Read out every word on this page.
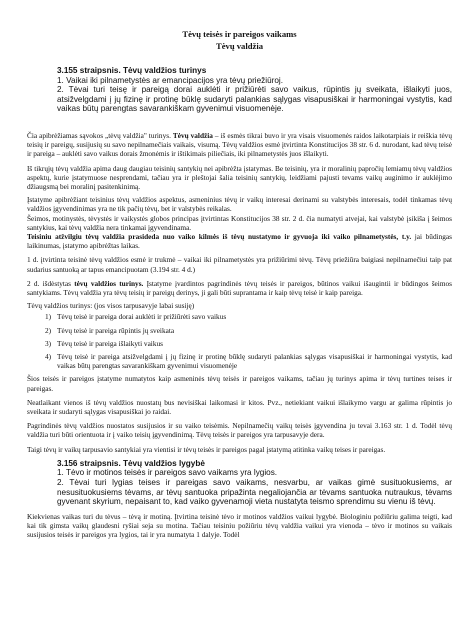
Tėvų teisės ir pareigos vaikams
Tėvų valdžia
3.155 straipsnis. Tėvų valdžios turinys
1. Vaikai iki pilnametystės ar emancipacijos yra tėvų priežiūroj.
2. Tėvai turi teisę ir pareigą dorai auklėti ir prižiūrėti savo vaikus, rūpintis jų sveikata, išlaikyti juos, atsižvelgdami į jų fizinę ir protinę būklę sudaryti palankias sąlygas visapusiškai ir harmoningai vystytis, kad vaikas būtų parengtas savarankiškam gyvenimui visuomenėje.

Čia apibrėžiamas sąvokos „tėvų valdžia" turinys. Tėvų valdžia – iš esmės tikrai buvo ir yra visais visuomenės raidos laikotarpiais ir reiškia tėvų teisių ir pareigų, susijusių su savo nepilnamečiais vaikais, visumą. Tėvų valdžios esmė įtvirtinta Konstitucijos 38 str. 6 d. nurodant, kad tėvų teisė ir pareiga – auklėti savo vaikus dorais žmonėmis ir ištikimais piliečiais, iki pilnametystės juos išlaikyti.

Iš tikrųjų tėvų valdžia apima daug daugiau teisinių santykių nei apibrėžta įstatymas. Be teisinių, yra ir moralinių papročių lemiamų tėvų valdžios aspektų, kurie įstatymuose nesprendami, tačiau yra ir pleštojai šalia teisinių santykių, leidžiami pajusti tevams vaikų auginimo ir auklėjimo džiaugsmą bei moralinį pasitenkinimą.

Įstatyme apibrėžiant teisinius tėvų valdžios aspektus, asmeninius tėvų ir vaikų interesai derinami su valstybės interesais, todėl tinkamas tėvų valdžios įgyvendinimas yra ne tik pačių tėvų, bet ir valstybės reikalas.

Šeimos, motinystės, tėvystės ir vaikystės globos principas įtvirtintas Konstitucijos 38 str. 2 d. čia numatyti atvejai, kai valstybė įsikiša į šeimos santykius, kai tėvų valdžia nera tinkamai įgyvendinama.

Teisiniu atžvilgiu tėvų valdžia prasideda nuo vaiko kilmės iš tėvų nustatymo ir gyvuoja iki vaiko pilnametystės, t.y. jai būdingas laikinumas, įstatymo apibrėžtas laikas.

1 d. įtvirtinta teisinė tėvų valdžios esmė ir trukmė – vaikai iki pilnametystės yra prižiūrimi tėvų. Tėvų priežiūra baigiasi nepilnamečiui taip pat sudarius santuoką ar tapus emancipuotam (3.194 str. 4 d.)

2 d. išdėstytas tėvų valdžios turinys. Įstatyme įvardintos pagrindinės tėvų teisės ir pareigos, būtinos vaikui išaugintii ir būdingos šeimos santykiams. Tėvų valdžia yra tėvų teisių ir pareigų derinys, ji gali būti suprantama ir kaip tėvų teisė ir kaip pareiga.

Tėvų valdžios turinys: (jos visos tarpusavyje labai susiję)

1) Tėvų teisė ir pareiga dorai auklėti ir prižiūrėti savo vaikus
2) Tėvų teisė ir pareiga rūpintis jų sveikata
3) Tėvų teisė ir pareiga išlaikyti vaikus
4) Tėvų teisė ir pareiga atsižvelgdami į jų fizinę ir protinę būklę sudaryti palankias sąlygas visapusiškai ir harmoningai vystytis, kad vaikas būtų parengtas savarankiškam gyvenimui visuomenėje

Šios teisės ir pareigos įstatyme numatytos kaip asmeninės tėvų teisės ir pareigos vaikams, tačiau jų turinys apima ir tėvų turtines teises ir pareigas.

Neatlaikant vienos iš tėvų valdžios nuostatų bus nevisiškai laikomasi ir kitos. Pvz., netiekiant vaikui išlaikymo vargu ar galima rūpintis jo sveikata ir sudaryti sąlygas visapusiškai jo raidai.

Pagrindinės tėvų valdžios nuostatos susijusios ir su vaiko teisėmis. Nepilnamečių vaikų teisės įgyvendina ju tevai 3.163 str. 1 d. Todėl tėvų valdžia turi būti orientuota ir į vaiko teisių įgyvendinimą. Tėvų teisės ir pareigos yra tarpusavyje dera.

Taigi tėvų ir vaikų tarpusavio santykiai yra vientisi ir tėvų teisės ir pareigos pagal įstatymą atitinka vaikų teises ir pareigas.

3.156 straipsnis. Tėvų valdžios lygybė
1. Tėvo ir motinos teisės ir pareigos savo vaikams yra lygios.
2. Tėvai turi lygias teises ir pareigas savo vaikams, nesvarbu, ar vaikas gimė susituokusiems, ar nesusituokusiems tėvams, ar tėvų santuoka pripažinta negaliojančia ar tėvams santuoka nutraukus, tėvams gyvenant skyrium, nepaisant to, kad vaiko gyvenamoji vieta nustatyta teismo sprendimu su vienu iš tėvų.

Kiekvienas vaikas turi du tėvus – tėvą ir motiną. Įtvirtina teisinė tėvo ir motinos valdžios vaikui lygybė. Biologiniu požiūriu galima teigti, kad kai tik gimsta vaikų glaudesni ryšiai seja su motina. Tačiau teisiniu požiūriu tėvų valdžia vaikui yra vienoda – tėvo ir motinos su vaikais susijusios teisės ir pareigos yra lygios, tai ir yra numatyta 1 dalyje. Todėl
